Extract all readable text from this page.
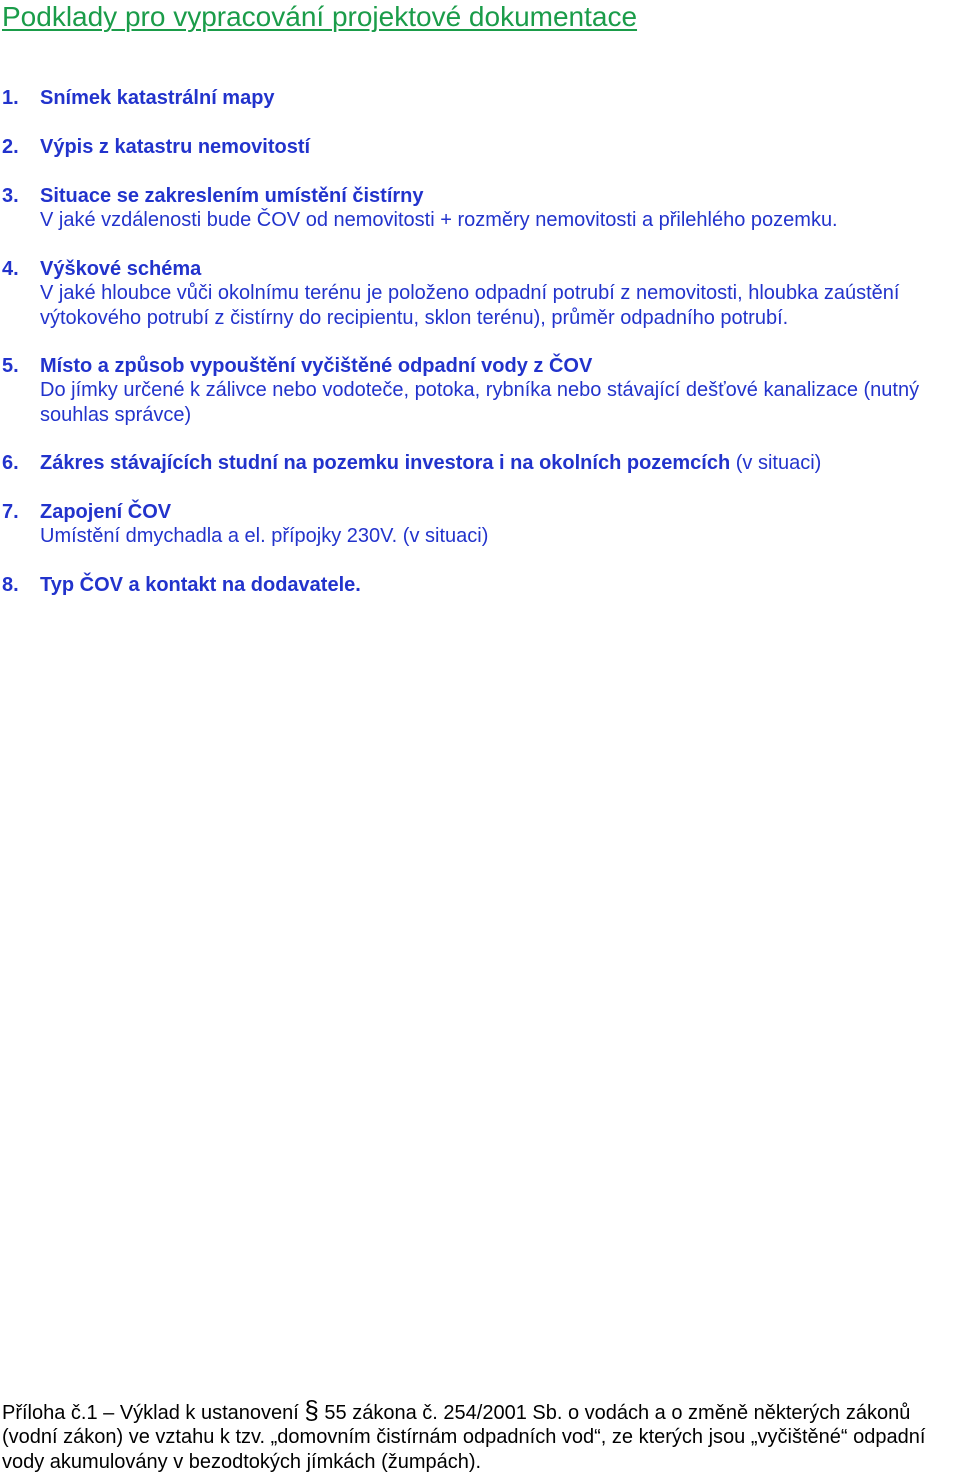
Podklady pro vypracování projektové dokumentace
1. Snímek katastrální mapy
2. Výpis z katastru nemovitostí
3. Situace se zakreslením umístění čistírny
V jaké vzdálenosti bude ČOV od nemovitosti + rozměry nemovitosti a přilehlého pozemku.
4. Výškové schéma
V jaké hloubce vůči okolnímu terénu je položeno odpadní potrubí z nemovitosti, hloubka zaústění výtokového potrubí z čistírny do recipientu, sklon terénu), průměr odpadního potrubí.
5. Místo a způsob vypouštění vyčištěné odpadní vody z ČOV
Do jímky určené k zálivce nebo vodoteče, potoka, rybníka nebo stávající dešťové kanalizace (nutný souhlas správce)
6. Zákres stávajících studní na pozemku investora i na okolních pozemcích (v situaci)
7. Zapojení ČOV
Umístění dmychadla a el. přípojky 230V. (v situaci)
8. Typ ČOV a kontakt na dodavatele.
Příloha č.1 – Výklad k ustanovení § 55 zákona č. 254/2001 Sb. o vodách a o změně některých zákonů (vodní zákon) ve vztahu k tzv. „domovním čistírnám odpadních vod“, ze kterých jsou „vyčištěné“ odpadní vody akumulovány v bezodtokých jímkách (žumpách).
